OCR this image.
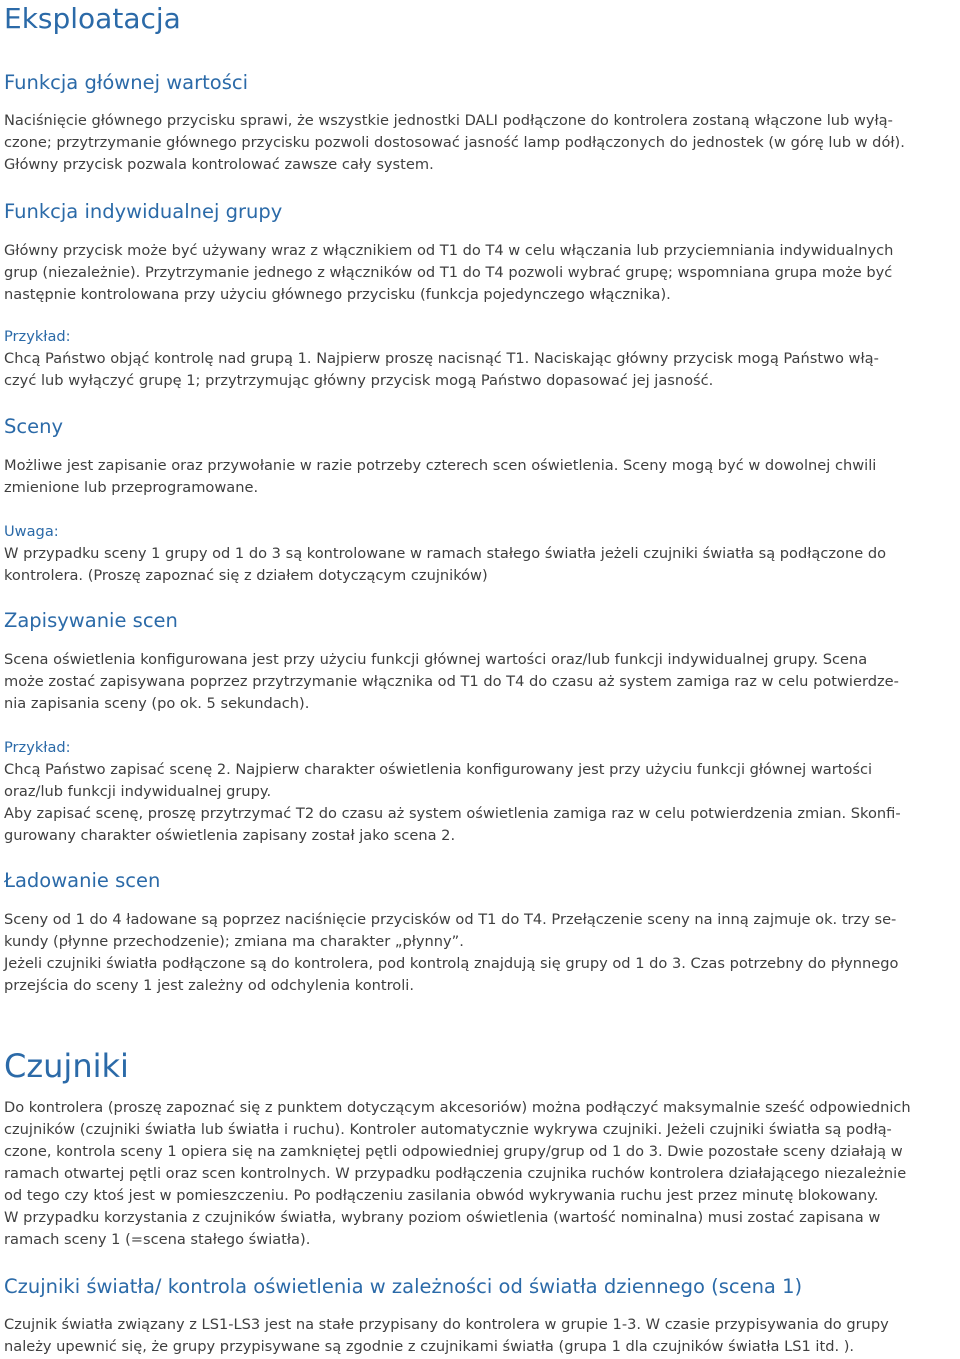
Eksploatacja
Funkcja głównej wartości
Naciśnięcie głównego przycisku sprawi, że wszystkie jednostki DALI podłączone do kontrolera zostaną włączone lub wyłą-
czone; przytrzymanie głównego przycisku pozwoli dostosować jasność lamp podłączonych do jednostek (w górę lub w dół).
Główny przycisk pozwala kontrolować zawsze cały system.
Funkcja indywidualnej grupy
Główny przycisk może być używany wraz z włącznikiem od T1 do T4 w celu włączania lub przyciemniania indywidualnych
grup (niezależnie). Przytrzymanie jednego z włączników od T1 do T4 pozwoli wybrać grupę; wspomniana grupa może być
następnie kontrolowana przy użyciu głównego przycisku (funkcja pojedynczego włącznika).
Przykład:
Chcą Państwo objąć kontrolę nad grupą 1. Najpierw proszę nacisnąć T1. Naciskając główny przycisk mogą Państwo włą-
czyć lub wyłączyć grupę 1; przytrzymując główny przycisk mogą Państwo dopasować jej jasność.
Sceny
Możliwe jest zapisanie oraz przywołanie w razie potrzeby czterech scen oświetlenia. Sceny mogą być w dowolnej chwili
zmienione lub przeprogramowane.
Uwaga:
W przypadku sceny 1 grupy od 1 do 3 są kontrolowane w ramach stałego światła jeżeli czujniki światła są podłączone do
kontrolera. (Proszę zapoznać się z działem dotyczącym czujników)
Zapisywanie scen
Scena oświetlenia konfigurowana jest przy użyciu funkcji głównej wartości oraz/lub funkcji indywidualnej grupy. Scena
może zostać zapisywana poprzez przytrzymanie włącznika od T1 do T4 do czasu aż system zamiga raz w celu potwierdze-
nia zapisania sceny (po ok. 5 sekundach).
Przykład:
Chcą Państwo zapisać scenę 2. Najpierw charakter oświetlenia konfigurowany jest przy użyciu funkcji głównej wartości
oraz/lub funkcji indywidualnej grupy.
Aby zapisać scenę, proszę przytrzymać T2 do czasu aż system oświetlenia zamiga raz w celu potwierdzenia zmian. Skonfi-
gurowany charakter oświetlenia zapisany został jako scena 2.
Ładowanie scen
Sceny od 1 do 4 ładowane są poprzez naciśnięcie przycisków od T1 do T4. Przełączenie sceny na inną zajmuje ok. trzy se-
kundy (płynne przechodzenie); zmiana ma charakter „płynny”.
Jeżeli czujniki światła podłączone są do kontrolera, pod kontrolą znajdują się grupy od 1 do 3. Czas potrzebny do płynnego
przejścia do sceny 1 jest zależny od odchylenia kontroli.
Czujniki
Do kontrolera (proszę zapoznać się z punktem dotyczącym akcesoriów) można podłączyć maksymalnie sześć odpowiednich
czujników (czujniki światła lub światła i ruchu). Kontroler automatycznie wykrywa czujniki. Jeżeli czujniki światła są podłą-
czone, kontrola sceny 1 opiera się na zamkniętej pętli odpowiedniej grupy/grup od 1 do 3. Dwie pozostałe sceny działają w
ramach otwartej pętli oraz scen kontrolnych. W przypadku podłączenia czujnika ruchów kontrolera działającego niezależnie
od tego czy ktoś jest w pomieszczeniu. Po podłączeniu zasilania obwód wykrywania ruchu jest przez minutę blokowany.
W przypadku korzystania z czujników światła, wybrany poziom oświetlenia (wartość nominalna) musi zostać zapisana w
ramach sceny 1 (=scena stałego światła).
Czujniki światła/ kontrola oświetlenia w zależności od światła dziennego (scena 1)
Czujnik światła związany z LS1-LS3 jest na stałe przypisany do kontrolera w grupie 1-3. W czasie przypisywania do grupy
należy upewnić się, że grupy przypisywane są zgodnie z czujnikami światła (grupa 1 dla czujników światła LS1 itd. ).
